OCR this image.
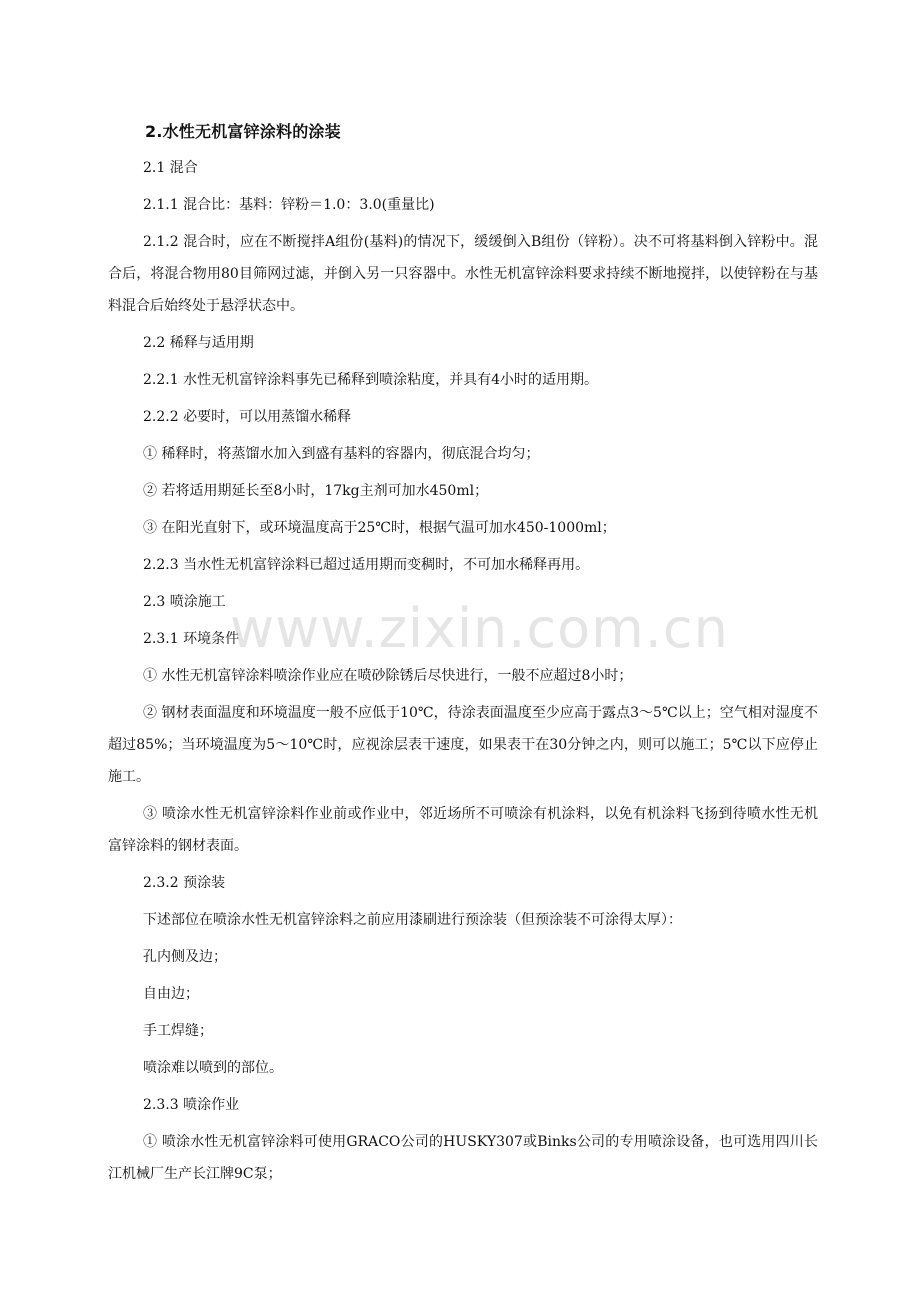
2.水性无机富锌涂料的涂装

2.1 混合

2.1.1 混合比：基料：锌粉＝1.0：3.0(重量比)

2.1.2 混合时，应在不断搅拌A组份(基料)的情况下，缓缓倒入B组份（锌粉）。决不可将基料倒入锌粉中。混合后，将混合物用80目筛网过滤，并倒入另一只容器中。水性无机富锌涂料要求持续不断地搅拌，以使锌粉在与基料混合后始终处于悬浮状态中。

2.2 稀释与适用期

2.2.1 水性无机富锌涂料事先已稀释到喷涂粘度，并具有4小时的适用期。

2.2.2 必要时，可以用蒸馏水稀释

① 稀释时，将蒸馏水加入到盛有基料的容器内，彻底混合均匀；

② 若将适用期延长至8小时，17kg主剂可加水450ml；

③ 在阳光直射下，或环境温度高于25℃时，根据气温可加水450-1000ml；

2.2.3 当水性无机富锌涂料已超过适用期而变稠时，不可加水稀释再用。

2.3 喷涂施工

2.3.1 环境条件

① 水性无机富锌涂料喷涂作业应在喷砂除锈后尽快进行，一般不应超过8小时；

② 钢材表面温度和环境温度一般不应低于10℃，待涂表面温度至少应高于露点3～5℃以上；空气相对湿度不超过85%；当环境温度为5～10℃时，应视涂层表干速度，如果表干在30分钟之内，则可以施工；5℃以下应停止施工。

③ 喷涂水性无机富锌涂料作业前或作业中，邻近场所不可喷涂有机涂料，以免有机涂料飞扬到待喷水性无机富锌涂料的钢材表面。

2.3.2 预涂装

下述部位在喷涂水性无机富锌涂料之前应用漆刷进行预涂装（但预涂装不可涂得太厚）：

孔内侧及边；

自由边；

手工焊缝；

喷涂难以喷到的部位。

2.3.3 喷涂作业

① 喷涂水性无机富锌涂料可使用GRACO公司的HUSKY307或Binks公司的专用喷涂设备，也可选用四川长江机械厂生产长江牌9C泵；

www.zixin.com.cn
